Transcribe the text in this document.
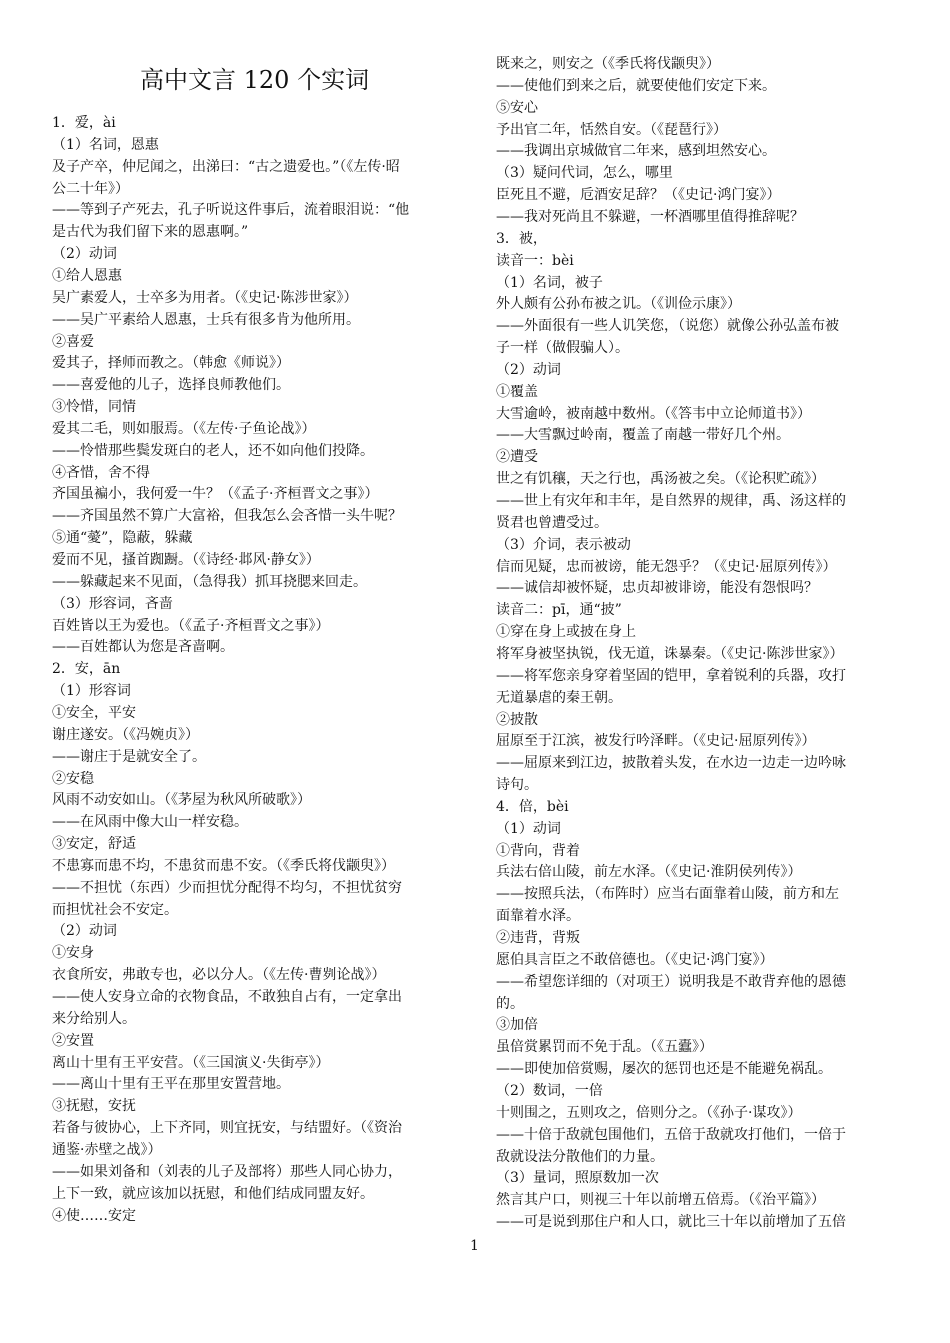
高中文言 120 个实词
1．爱，ài
（1）名词，恩惠
及子产卒，仲尼闻之，出涕曰：“古之遗爱也。”（《左传·昭
公二十年》）
——等到子产死去，孔子听说这件事后，流着眼泪说：“他
是古代为我们留下来的恩惠啊。”
（2）动词
①给人恩惠
吴广素爱人，士卒多为用者。（《史记·陈涉世家》）
——吴广平素给人恩惠，士兵有很多肯为他所用。
②喜爱
爱其子，择师而教之。（韩愈《师说》）
——喜爱他的儿子，选择良师教他们。
③怜惜，同情
爱其二毛，则如服焉。（《左传·子鱼论战》）
——怜惜那些鬓发斑白的老人，还不如向他们投降。
④吝惜，舍不得
齐国虽褊小，我何爱一牛？（《孟子·齐桓晋文之事》）
——齐国虽然不算广大富裕，但我怎么会吝惜一头牛呢？
⑤通“薆”，隐蔽，躲藏
爱而不见，搔首踟蹰。（《诗经·邶风·静女》）
——躲藏起来不见面，（急得我）抓耳挠腮来回走。
（3）形容词，吝啬
百姓皆以王为爱也。（《孟子·齐桓晋文之事》）
——百姓都认为您是吝啬啊。
2．安，ān
（1）形容词
①安全，平安
谢庄遂安。（《冯婉贞》）
——谢庄于是就安全了。
②安稳
风雨不动安如山。（《茅屋为秋风所破歌》）
——在风雨中像大山一样安稳。
③安定，舒适
不患寡而患不均，不患贫而患不安。（《季氏将伐颛臾》）
——不担忧（东西）少而担忧分配得不均匀，不担忧贫穷
而担忧社会不安定。
（2）动词
①安身
衣食所安，弗敢专也，必以分人。（《左传·曹刿论战》）
——使人安身立命的衣物食品，不敢独自占有，一定拿出
来分给别人。
②安置
离山十里有王平安营。（《三国演义·失街亭》）
——离山十里有王平在那里安置营地。
③抚慰，安抚
若备与彼协心，上下齐同，则宜抚安，与结盟好。（《资治
通鉴·赤壁之战》）
——如果刘备和（刘表的儿子及部将）那些人同心协力，
上下一致，就应该加以抚慰，和他们结成同盟友好。
④使……安定
既来之，则安之（《季氏将伐颛臾》）
——使他们到来之后，就要使他们安定下来。
⑤安心
予出官二年，恬然自安。（《琵琶行》）
——我调出京城做官二年来，感到坦然安心。
（3）疑问代词，怎么，哪里
臣死且不避，卮酒安足辞？（《史记·鸿门宴》）
——我对死尚且不躲避，一杯酒哪里值得推辞呢？
3．被，
读音一：bèi
（1）名词，被子
外人颇有公孙布被之讥。（《训俭示康》）
——外面很有一些人讥笑您，（说您）就像公孙弘盖布被
子一样（做假骗人）。
（2）动词
①覆盖
大雪逾岭，被南越中数州。（《答韦中立论师道书》）
——大雪飘过岭南，覆盖了南越一带好几个州。
②遭受
世之有饥穰，天之行也，禹汤被之矣。（《论积贮疏》）
——世上有灾年和丰年，是自然界的规律，禹、汤这样的
贤君也曾遭受过。
（3）介词，表示被动
信而见疑，忠而被谤，能无怨乎？（《史记·屈原列传》）
——诚信却被怀疑，忠贞却被诽谤，能没有怨恨吗？
读音二：pī，通“披”
①穿在身上或披在身上
将军身被坚执锐，伐无道，诛暴秦。（《史记·陈涉世家》）
——将军您亲身穿着坚固的铠甲，拿着锐利的兵器，攻打
无道暴虐的秦王朝。
②披散
屈原至于江滨，被发行吟泽畔。（《史记·屈原列传》）
——屈原来到江边，披散着头发，在水边一边走一边吟咏
诗句。
4．倍，bèi
（1）动词
①背向，背着
兵法右倍山陵，前左水泽。（《史记·淮阴侯列传》）
——按照兵法，（布阵时）应当右面靠着山陵，前方和左
面靠着水泽。
②违背，背叛
愿伯具言臣之不敢倍德也。（《史记·鸿门宴》）
——希望您详细的（对项王）说明我是不敢背弃他的恩德
的。
③加倍
虽倍赏累罚而不免于乱。（《五蠹》）
——即使加倍赏赐，屡次的惩罚也还是不能避免祸乱。
（2）数词，一倍
十则围之，五则攻之，倍则分之。（《孙子·谋攻》）
——十倍于敌就包围他们，五倍于敌就攻打他们，一倍于
敌就设法分散他们的力量。
（3）量词，照原数加一次
然言其户口，则视三十年以前增五倍焉。（《治平篇》）
——可是说到那住户和人口，就比三十年以前增加了五倍
1
